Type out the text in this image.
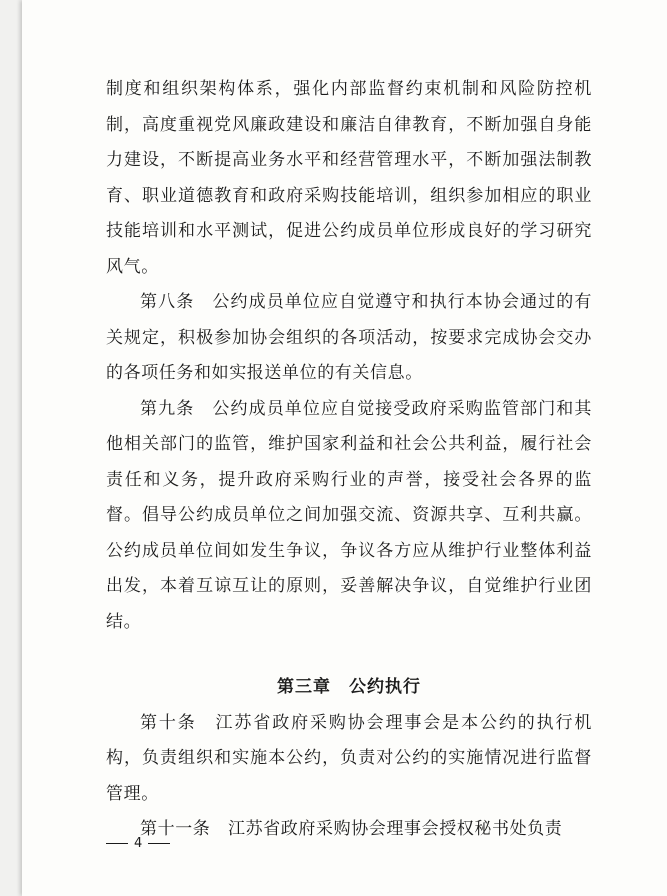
制度和组织架构体系，强化内部监督约束机制和风险防控机制，高度重视党风廉政建设和廉洁自律教育，不断加强自身能力建设，不断提高业务水平和经营管理水平，不断加强法制教育、职业道德教育和政府采购技能培训，组织参加相应的职业技能培训和水平测试，促进公约成员单位形成良好的学习研究风气。

第八条　公约成员单位应自觉遵守和执行本协会通过的有关规定，积极参加协会组织的各项活动，按要求完成协会交办的各项任务和如实报送单位的有关信息。

第九条　公约成员单位应自觉接受政府采购监管部门和其他相关部门的监管，维护国家利益和社会公共利益，履行社会责任和义务，提升政府采购行业的声誉，接受社会各界的监督。倡导公约成员单位之间加强交流、资源共享、互利共赢。公约成员单位间如发生争议，争议各方应从维护行业整体利益出发，本着互谅互让的原则，妥善解决争议，自觉维护行业团结。

第三章　公约执行

第十条　江苏省政府采购协会理事会是本公约的执行机构，负责组织和实施本公约，负责对公约的实施情况进行监督管理。

第十一条　江苏省政府采购协会理事会授权秘书处负责

4
